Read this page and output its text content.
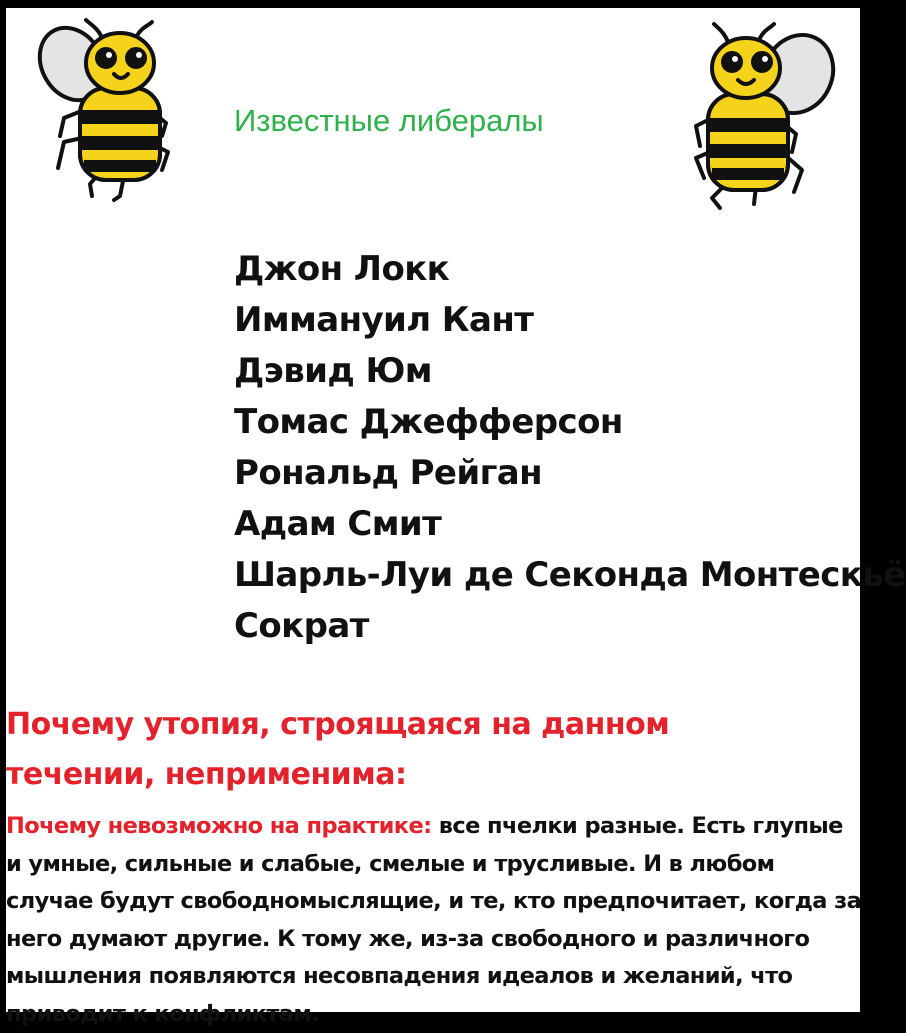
Известные либералы
Джон Локк
Иммануил Кант
Дэвид Юм
Томас Джефферсон
Рональд Рейган
Адам Смит
Шарль-Луи де Секонда Монтескьё
Сократ
Почему утопия, строящаяся на данном течении, неприменима:

Почему невозможно на практике: все пчелки разные. Есть глупые и умные, сильные и слабые, смелые и трусливые. И в любом случае будут свободномыслящие, и те, кто предпочитает, когда за него думают другие. К тому же, из-за свободного и различного мышления появляются несовпадения идеалов и желаний, что приводит к конфликтам.
